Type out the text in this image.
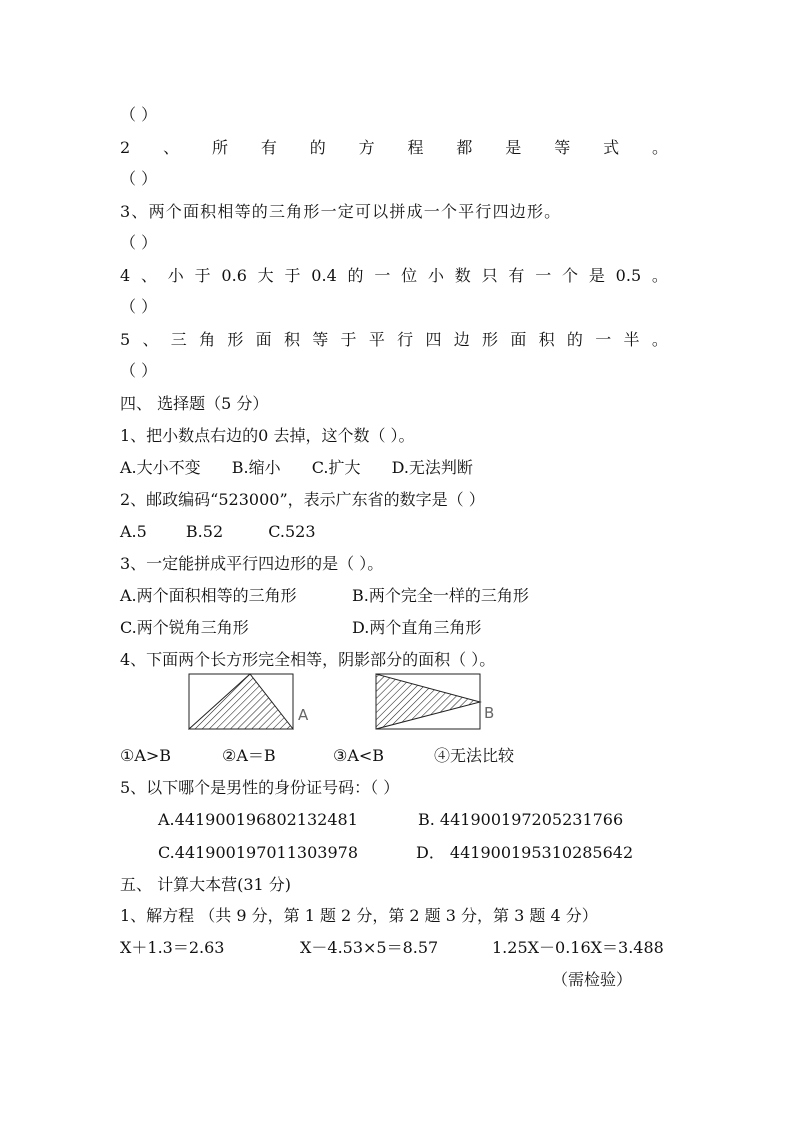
（ ）
2 、 所 有 的 方 程 都 是 等 式 。
（ ）
3、两个面积相等的三角形一定可以拼成一个平行四边形。
（ ）
4 、 小 于 0.6 大 于 0.4 的 一 位 小 数 只 有 一 个 是 0.5 。
（ ）
5 、 三 角 形 面 积 等 于 平 行 四 边 形 面 积 的 一 半 。
（ ）
四、 选择题（5 分）
1、把小数点右边的0 去掉，这个数（ ）。
A.大小不变 B.缩小 C.扩大 D.无法判断
2、邮政编码“523000”，表示广东省的数字是（ ）
A.5 B.52	C.523
3、一定能拼成平行四边形的是（ ）。
A.两个面积相等的三角形	B.两个完全一样的三角形
C.两个锐角三角形	D.两个直角三角形
4、下面两个长方形完全相等，阴影部分的面积（ ）。
A	B
①A>B	②A＝B	③A<B	④无法比较
5、以下哪个是男性的身份证号码：（ ）
A.441900196802132481	B. 441900197205231766
C.441900197011303978	D． 441900195310285642
五、 计算大本营(31 分)
1、解方程 （共 9 分，第 1 题 2 分，第 2 题 3 分，第 3 题 4 分）
X＋1.3＝2.63	X－4.53×5＝8.57	1.25X－0.16X＝3.488
（需检验）
